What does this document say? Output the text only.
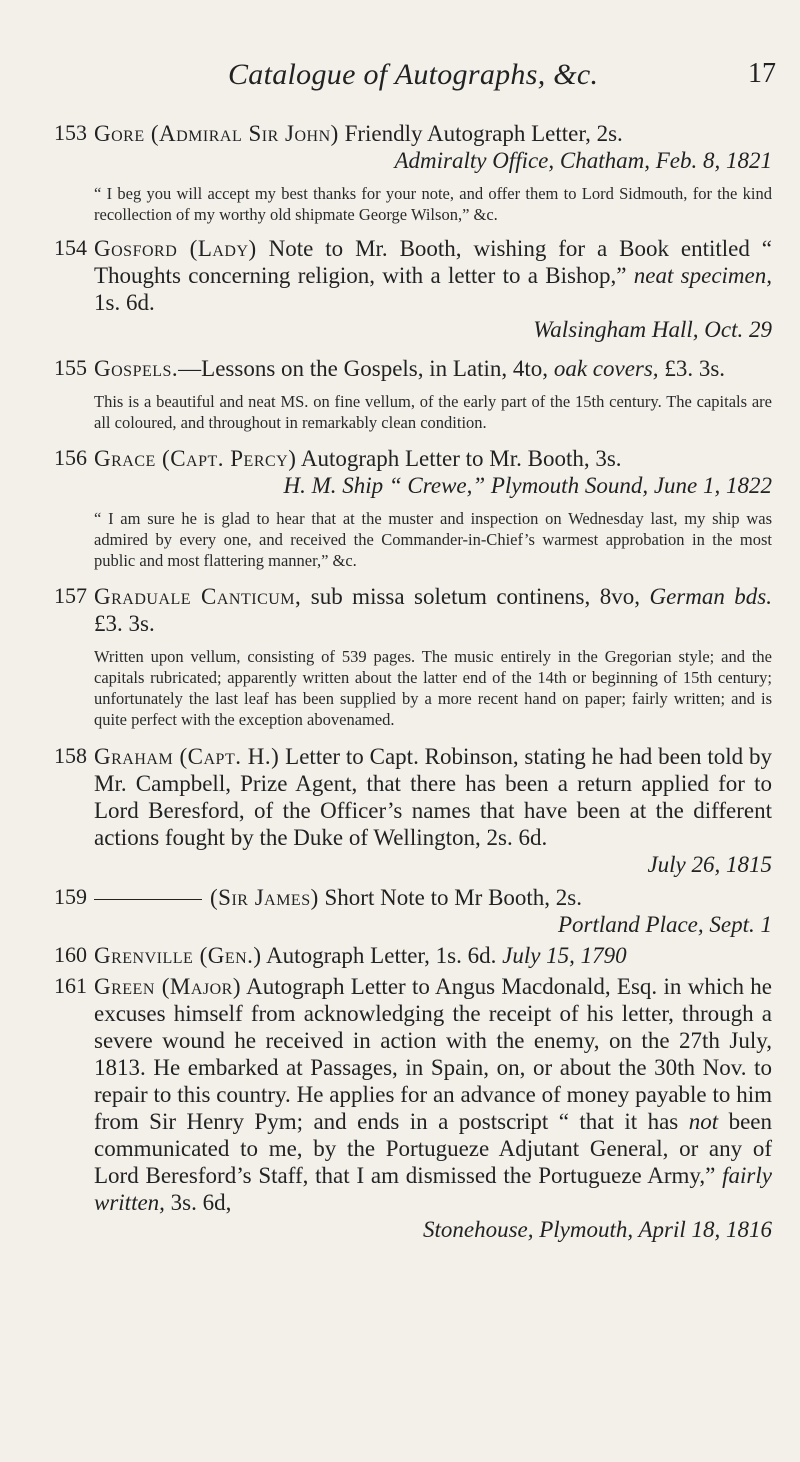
Catalogue of Autographs, &c.	17
153 Gore (Admiral Sir John) Friendly Autograph Letter, 2s.
Admiralty Office, Chatham, Feb. 8, 1821

“ I beg you will accept my best thanks for your note, and offer them to Lord Sidmouth, for the kind recollection of my worthy old shipmate George Wilson,” &c.

154 Gosford (Lady) Note to Mr. Booth, wishing for a Book entitled “ Thoughts concerning religion, with a letter to a Bishop,” neat specimen, 1s. 6d.
Walsingham Hall, Oct. 29
155 Gospels.—Lessons on the Gospels, in Latin, 4to, oak covers, £3. 3s.

This is a beautiful and neat MS. on fine vellum, of the early part of the 15th century. The capitals are all coloured, and throughout in remarkably clean condition.

156 Grace (Capt. Percy) Autograph Letter to Mr. Booth, 3s.
H. M. Ship “ Crewe,” Plymouth Sound, June 1, 1822

“ I am sure he is glad to hear that at the muster and inspection on Wednesday last, my ship was admired by every one, and received the Commander-in-Chief’s warmest approbation in the most public and most flattering manner,” &c.

157 Graduale Canticum, sub missa soletum continens, 8vo, German bds. £3. 3s.

Written upon vellum, consisting of 539 pages. The music entirely in the Gregorian style; and the capitals rubricated; apparently written about the latter end of the 14th or beginning of 15th century; unfortunately the last leaf has been supplied by a more recent hand on paper; fairly written; and is quite perfect with the exception abovenamed.

158 Graham (Capt. H.) Letter to Capt. Robinson, stating he had been told by Mr. Campbell, Prize Agent, that there has been a return applied for to Lord Beresford, of the Officer’s names that have been at the different actions fought by the Duke of Wellington, 2s. 6d.
July 26, 1815
159	(Sir James) Short Note to Mr Booth, 2s.
Portland Place, Sept. 1
160 Grenville (Gen.) Autograph Letter, 1s. 6d. July 15, 1790
161 Green (Major) Autograph Letter to Angus Macdonald, Esq. in which he excuses himself from acknowledging the receipt of his letter, through a severe wound he received in action with the enemy, on the 27th July, 1813. He embarked at Passages, in Spain, on, or about the 30th Nov. to repair to this country. He applies for an advance of money payable to him from Sir Henry Pym; and ends in a postscript “ that it has not been communicated to me, by the Portugueze Adjutant General, or any of Lord Beresford’s Staff, that I am dismissed the Portugueze Army,” fairly written, 3s. 6d,
Stonehouse, Plymouth, April 18, 1816
